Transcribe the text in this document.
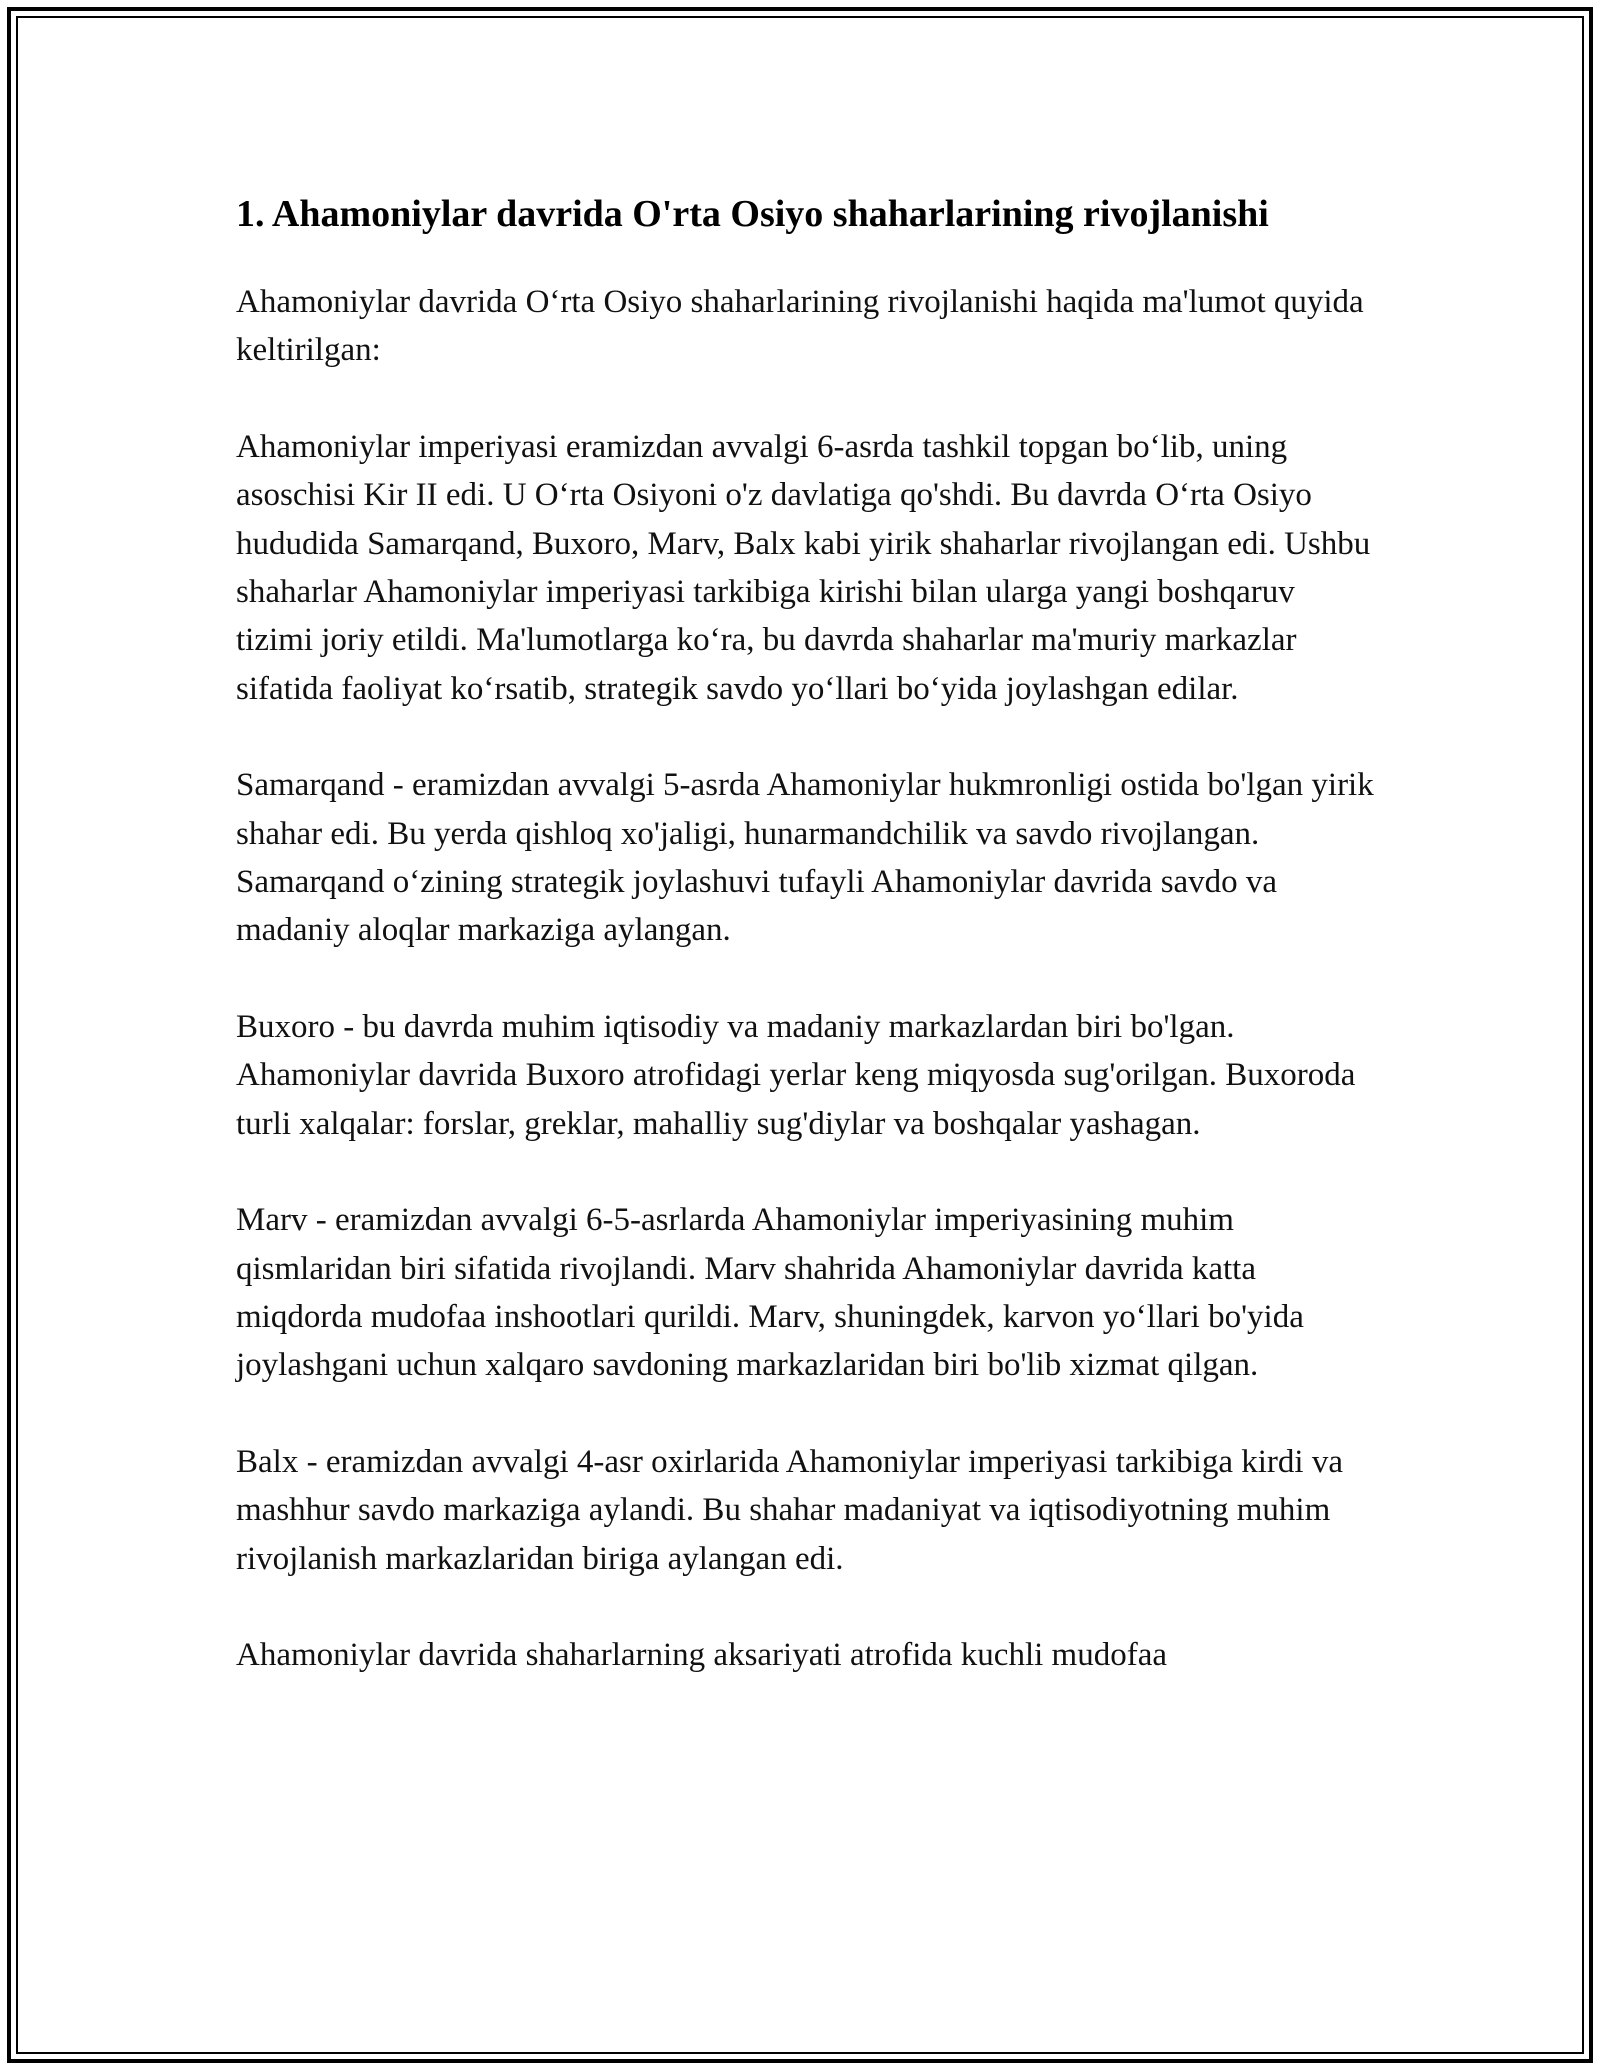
1. Ahamoniylar davrida O'rta Osiyo shaharlarining rivojlanishi

Ahamoniylar davrida O‘rta Osiyo shaharlarining rivojlanishi haqida ma'lumot quyida keltirilgan:

Ahamoniylar imperiyasi eramizdan avvalgi 6-asrda tashkil topgan bo‘lib, uning asoschisi Kir II edi. U O‘rta Osiyoni o'z davlatiga qo'shdi. Bu davrda O‘rta Osiyo hududida Samarqand, Buxoro, Marv, Balx kabi yirik shaharlar rivojlangan edi. Ushbu shaharlar Ahamoniylar imperiyasi tarkibiga kirishi bilan ularga yangi boshqaruv tizimi joriy etildi. Ma'lumotlarga ko‘ra, bu davrda shaharlar ma'muriy markazlar sifatida faoliyat ko‘rsatib, strategik savdo yo‘llari bo‘yida joylashgan edilar.

Samarqand - eramizdan avvalgi 5-asrda Ahamoniylar hukmronligi ostida bo'lgan yirik shahar edi. Bu yerda qishloq xo'jaligi, hunarmandchilik va savdo rivojlangan. Samarqand o‘zining strategik joylashuvi tufayli Ahamoniylar davrida savdo va madaniy aloqlar markaziga aylangan.

Buxoro - bu davrda muhim iqtisodiy va madaniy markazlardan biri bo'lgan. Ahamoniylar davrida Buxoro atrofidagi yerlar keng miqyosda sug'orilgan. Buxoroda turli xalqalar: forslar, greklar, mahalliy sug'diylar va boshqalar yashagan.

Marv - eramizdan avvalgi 6-5-asrlarda Ahamoniylar imperiyasining muhim qismlaridan biri sifatida rivojlandi. Marv shahrida Ahamoniylar davrida katta miqdorda mudofaa inshootlari qurildi. Marv, shuningdek, karvon yo‘llari bo'yida joylashgani uchun xalqaro savdoning markazlaridan biri bo'lib xizmat qilgan.

Balx - eramizdan avvalgi 4-asr oxirlarida Ahamoniylar imperiyasi tarkibiga kirdi va mashhur savdo markaziga aylandi. Bu shahar madaniyat va iqtisodiyotning muhim rivojlanish markazlaridan biriga aylangan edi.

Ahamoniylar davrida shaharlarning aksariyati atrofida kuchli mudofaa
